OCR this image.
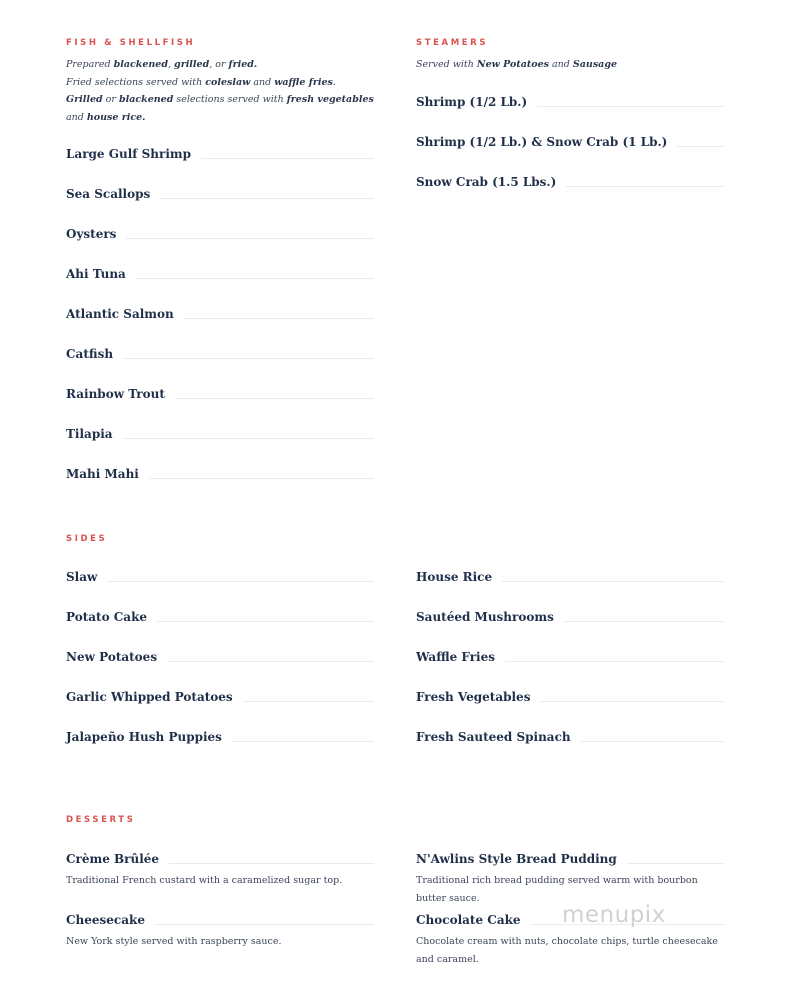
FISH & SHELLFISH
Prepared blackened, grilled, or fried.
Fried selections served with coleslaw and waffle fries.
Grilled or blackened selections served with fresh vegetables and house rice.
Large Gulf Shrimp
Sea Scallops
Oysters
Ahi Tuna
Atlantic Salmon
Catfish
Rainbow Trout
Tilapia
Mahi Mahi
STEAMERS
Served with New Potatoes and Sausage
Shrimp (1/2 Lb.)
Shrimp (1/2 Lb.) & Snow Crab (1 Lb.)
Snow Crab (1.5 Lbs.)
SIDES
Slaw
Potato Cake
New Potatoes
Garlic Whipped Potatoes
Jalapeño Hush Puppies
House Rice
Sautéed Mushrooms
Waffle Fries
Fresh Vegetables
Fresh Sauteed Spinach
DESSERTS
Crème Brûlée
Traditional French custard with a caramelized sugar top.
N'Awlins Style Bread Pudding
Traditional rich bread pudding served warm with bourbon butter sauce.
Cheesecake
New York style served with raspberry sauce.
Chocolate Cake
Chocolate cream with nuts, chocolate chips, turtle cheesecake and caramel.
menupix
